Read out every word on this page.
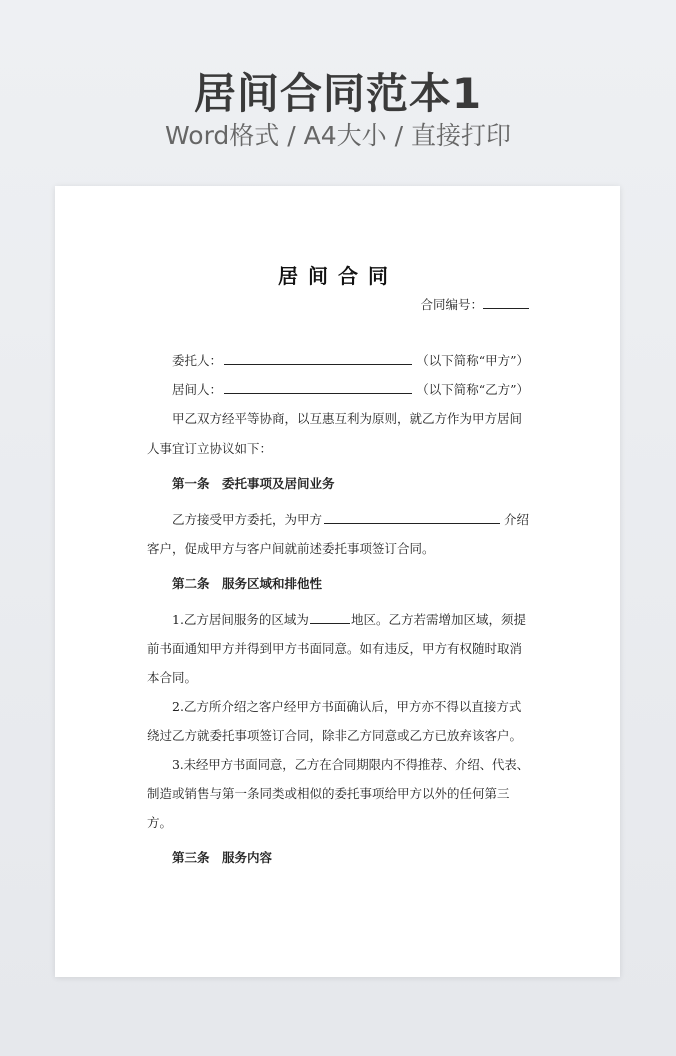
居间合同范本1
Word格式 / A4大小 / 直接打印
居间合同
合同编号：
委托人：	（以下简称“甲方”）
居间人：	（以下简称“乙方”）
甲乙双方经平等协商，以互惠互利为原则，就乙方作为甲方居间
人事宜订立协议如下：
第一条　委托事项及居间业务
乙方接受甲方委托，为甲方	介绍
客户，促成甲方与客户间就前述委托事项签订合同。
第二条　服务区域和排他性
1.乙方居间服务的区域为	地区。乙方若需增加区域，须提
前书面通知甲方并得到甲方书面同意。如有违反，甲方有权随时取消
本合同。
2.乙方所介绍之客户经甲方书面确认后，甲方亦不得以直接方式
绕过乙方就委托事项签订合同，除非乙方同意或乙方已放弃该客户。
3.未经甲方书面同意，乙方在合同期限内不得推荐、介绍、代表、
制造或销售与第一条同类或相似的委托事项给甲方以外的任何第三
方。
第三条　服务内容
